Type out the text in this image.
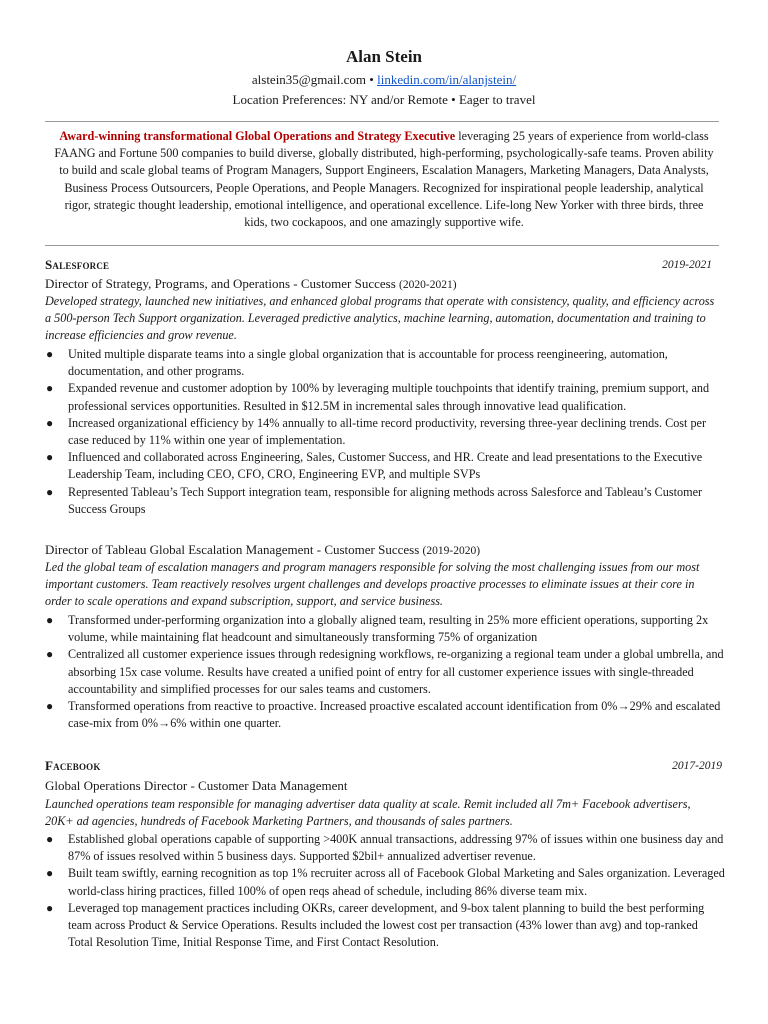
Alan Stein
alstein35@gmail.com • linkedin.com/in/alanjstein/
Location Preferences: NY and/or Remote • Eager to travel
Award-winning transformational Global Operations and Strategy Executive leveraging 25 years of experience from world-class FAANG and Fortune 500 companies to build diverse, globally distributed, high-performing, psychologically-safe teams. Proven ability to build and scale global teams of Program Managers, Support Engineers, Escalation Managers, Marketing Managers, Data Analysts, Business Process Outsourcers, People Operations, and People Managers. Recognized for inspirational people leadership, analytical rigor, strategic thought leadership, emotional intelligence, and operational excellence. Life-long New Yorker with three birds, three kids, two cockapoos, and one amazingly supportive wife.
Salesforce	2019-2021
Director of Strategy, Programs, and Operations - Customer Success (2020-2021)
Developed strategy, launched new initiatives, and enhanced global programs that operate with consistency, quality, and efficiency across a 500-person Tech Support organization. Leveraged predictive analytics, machine learning, automation, documentation and training to increase efficiencies and grow revenue.
● United multiple disparate teams into a single global organization that is accountable for process reengineering, automation, documentation, and other programs.
● Expanded revenue and customer adoption by 100% by leveraging multiple touchpoints that identify training, premium support, and professional services opportunities. Resulted in $12.5M in incremental sales through innovative lead qualification.
● Increased organizational efficiency by 14% annually to all-time record productivity, reversing three-year declining trends. Cost per case reduced by 11% within one year of implementation.
● Influenced and collaborated across Engineering, Sales, Customer Success, and HR. Create and lead presentations to the Executive Leadership Team, including CEO, CFO, CRO, Engineering EVP, and multiple SVPs
● Represented Tableau’s Tech Support integration team, responsible for aligning methods across Salesforce and Tableau’s Customer Success Groups
Director of Tableau Global Escalation Management - Customer Success (2019-2020)
Led the global team of escalation managers and program managers responsible for solving the most challenging issues from our most important customers. Team reactively resolves urgent challenges and develops proactive processes to eliminate issues at their core in order to scale operations and expand subscription, support, and service business.
● Transformed under-performing organization into a globally aligned team, resulting in 25% more efficient operations, supporting 2x volume, while maintaining flat headcount and simultaneously transforming 75% of organization
● Centralized all customer experience issues through redesigning workflows, re-organizing a regional team under a global umbrella, and absorbing 15x case volume. Results have created a unified point of entry for all customer experience issues with single-threaded accountability and simplified processes for our sales teams and customers.
● Transformed operations from reactive to proactive. Increased proactive escalated account identification from 0%→29% and escalated case-mix from 0%→6% within one quarter.
Facebook	2017-2019
Global Operations Director - Customer Data Management
Launched operations team responsible for managing advertiser data quality at scale. Remit included all 7m+ Facebook advertisers, 20K+ ad agencies, hundreds of Facebook Marketing Partners, and thousands of sales partners.
● Established global operations capable of supporting >400K annual transactions, addressing 97% of issues within one business day and 87% of issues resolved within 5 business days. Supported $2bil+ annualized advertiser revenue.
● Built team swiftly, earning recognition as top 1% recruiter across all of Facebook Global Marketing and Sales organization. Leveraged world-class hiring practices, filled 100% of open reqs ahead of schedule, including 86% diverse team mix.
● Leveraged top management practices including OKRs, career development, and 9-box talent planning to build the best performing team across Product & Service Operations. Results included the lowest cost per transaction (43% lower than avg) and top-ranked Total Resolution Time, Initial Response Time, and First Contact Resolution.
